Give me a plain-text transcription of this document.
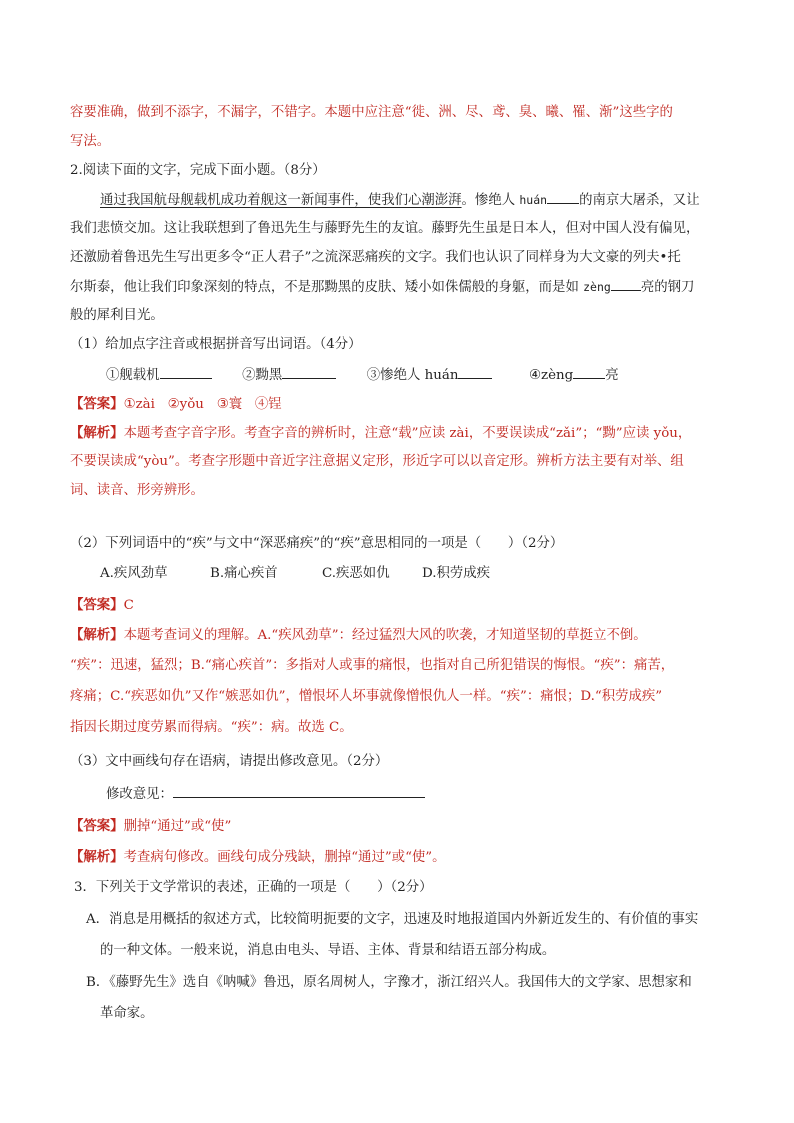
容要准确，做到不添字，不漏字，不错字。本题中应注意“徙、洲、尽、鸢、臭、曦、罹、渐”这些字的
写法。
2.阅读下面的文字，完成下面小题。（8分）
通过我国航母舰载机成功着舰这一新闻事件，使我们心潮澎湃。惨绝人 huán 的南京大屠杀，又让
我们悲愤交加。这让我联想到了鲁迅先生与藤野先生的友谊。藤野先生虽是日本人，但对中国人没有偏见，
还激励着鲁迅先生写出更多令“正人君子”之流深恶痛疾的文字。我们也认识了同样身为大文豪的列夫•托
尔斯泰，他让我们印象深刻的特点，不是那黝黑的皮肤、矮小如侏儒般的身躯，而是如 zèng 亮的钢刀
般的犀利目光。
（1）给加点字注音或根据拼音写出词语。（4分）
①舰载机	②黝黑	③惨绝人 huán	④zèng 亮
【答案】①zài ②yǒu ③寰 ④锃
【解析】本题考查字音字形。考查字音的辨析时，注意“载”应读 zài，不要误读成“zǎi”；“黝”应读 yǒu，
不要误读成“yòu”。考查字形题中音近字注意据义定形，形近字可以以音定形。辨析方法主要有对举、组
词、读音、形旁辨形。
（2）下列词语中的“疾”与文中“深恶痛疾”的“疾”意思相同的一项是（　　）（2分）
A.疾风劲草	B.痛心疾首	C.疾恶如仇 D.积劳成疾
【答案】C
【解析】本题考查词义的理解。A.“疾风劲草”：经过猛烈大风的吹袭，才知道坚韧的草挺立不倒。
“疾”：迅速，猛烈；B.“痛心疾首”：多指对人或事的痛恨，也指对自己所犯错误的悔恨。“疾”：痛苦，
疼痛；C.“疾恶如仇”又作“嫉恶如仇”，憎恨坏人坏事就像憎恨仇人一样。“疾”：痛恨；D.“积劳成疾”
指因长期过度劳累而得病。“疾”：病。故选 C。
（3）文中画线句存在语病，请提出修改意见。（2分）
修改意见：
【答案】删掉“通过”或“使”
【解析】考查病句修改。画线句成分残缺，删掉“通过”或“使”。
3．下列关于文学常识的表述，正确的一项是（　　）（2分）
A．消息是用概括的叙述方式，比较简明扼要的文字，迅速及时地报道国内外新近发生的、有价值的事实
的一种文体。一般来说，消息由电头、导语、主体、背景和结语五部分构成。
B．《藤野先生》选自《呐喊》鲁迅，原名周树人，字豫才，浙江绍兴人。我国伟大的文学家、思想家和
革命家。
